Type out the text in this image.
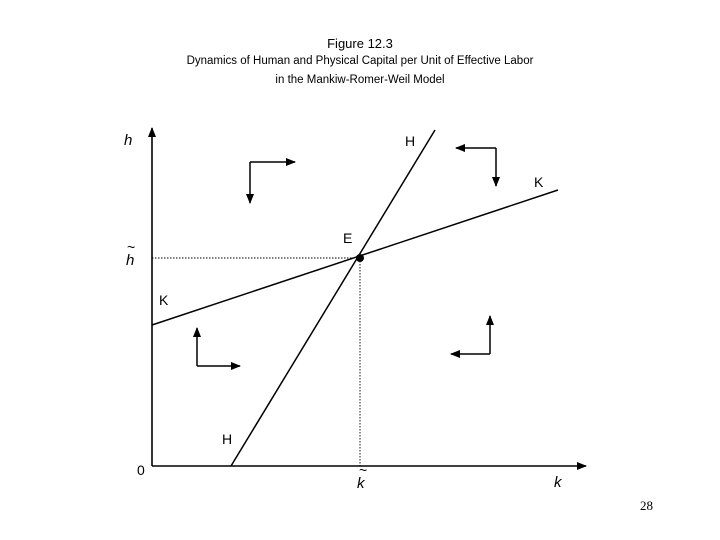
Figure 12.3
Dynamics of Human and Physical Capital per Unit of Effective Labor
in the Mankiw-Romer-Weil Model
h
k
0
h
~
k
~
H
H
K
K
E
28
